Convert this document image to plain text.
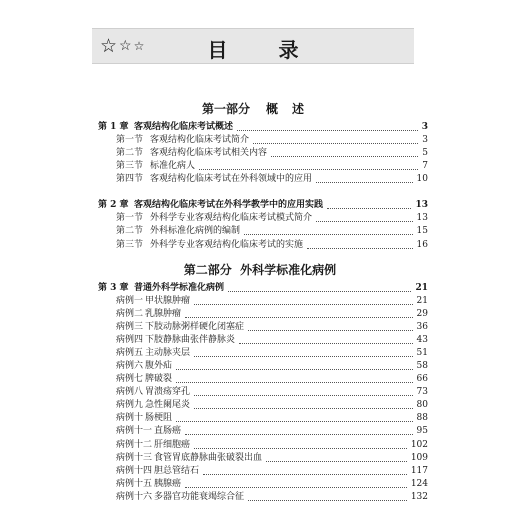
☆ ☆ ☆	目 录
第一部分 概述
第二部分 外科学标准化病例
第 1 章 客观结构化临床考试概述	3
第一节 客观结构化临床考试简介	3
第二节 客观结构化临床考试相关内容	5
第三节 标准化病人	7
第四节 客观结构化临床考试在外科领域中的应用	10
第 2 章 客观结构化临床考试在外科学教学中的应用实践	13
第一节 外科学专业客观结构化临床考试模式简介	13
第二节 外科标准化病例的编制	15
第三节 外科学专业客观结构化临床考试的实施	16
第 3 章 普通外科学标准化病例	21
病例一 甲状腺肿瘤	21
病例二 乳腺肿瘤	29
病例三 下肢动脉粥样硬化闭塞症	36
病例四 下肢静脉曲张伴静脉炎	43
病例五 主动脉夹层	51
病例六 腹外疝	58
病例七 脾破裂	66
病例八 胃溃疡穿孔	73
病例九 急性阑尾炎	80
病例十 肠梗阻	88
病例十一 直肠癌	95
病例十二 肝细胞癌	102
病例十三 食管胃底静脉曲张破裂出血	109
病例十四 胆总管结石	117
病例十五 胰腺癌	124
病例十六 多器官功能衰竭综合征	132
